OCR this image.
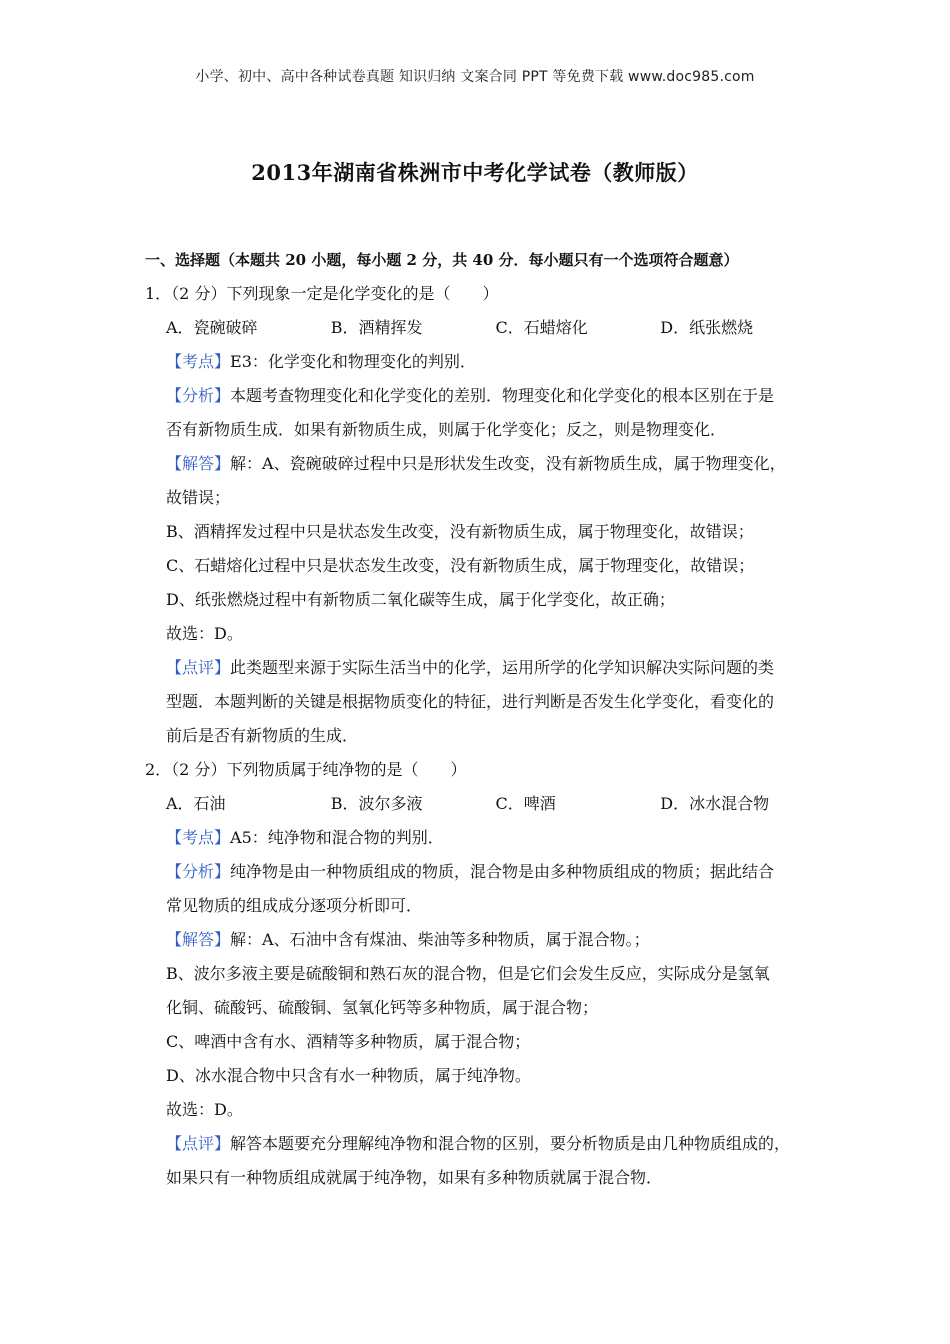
小学、初中、高中各种试卷真题 知识归纳 文案合同 PPT 等免费下载 www.doc985.com
2013年湖南省株洲市中考化学试卷（教师版）
一、选择题（本题共 20 小题，每小题 2 分，共 40 分．每小题只有一个选项符合题意）
1．（2 分）下列现象一定是化学变化的是（　　）
A．瓷碗破碎	B．酒精挥发	C．石蜡熔化	D．纸张燃烧
【考点】E3：化学变化和物理变化的判别．
【分析】本题考查物理变化和化学变化的差别．物理变化和化学变化的根本区别在于是
否有新物质生成．如果有新物质生成，则属于化学变化；反之，则是物理变化．
【解答】解：A、瓷碗破碎过程中只是形状发生改变，没有新物质生成，属于物理变化，
故错误；
B、酒精挥发过程中只是状态发生改变，没有新物质生成，属于物理变化，故错误；
C、石蜡熔化过程中只是状态发生改变，没有新物质生成，属于物理变化，故错误；
D、纸张燃烧过程中有新物质二氧化碳等生成，属于化学变化，故正确；
故选：D。
【点评】此类题型来源于实际生活当中的化学，运用所学的化学知识解决实际问题的类
型题．本题判断的关键是根据物质变化的特征，进行判断是否发生化学变化，看变化的
前后是否有新物质的生成．
2．（2 分）下列物质属于纯净物的是（　　）
A．石油	B．波尔多液	C．啤酒	D．冰水混合物
【考点】A5：纯净物和混合物的判别．
【分析】纯净物是由一种物质组成的物质，混合物是由多种物质组成的物质；据此结合
常见物质的组成成分逐项分析即可．
【解答】解：A、石油中含有煤油、柴油等多种物质，属于混合物。；
B、波尔多液主要是硫酸铜和熟石灰的混合物，但是它们会发生反应，实际成分是氢氧
化铜、硫酸钙、硫酸铜、氢氧化钙等多种物质，属于混合物；
C、啤酒中含有水、酒精等多种物质，属于混合物；
D、冰水混合物中只含有水一种物质，属于纯净物。
故选：D。
【点评】解答本题要充分理解纯净物和混合物的区别，要分析物质是由几种物质组成的，
如果只有一种物质组成就属于纯净物，如果有多种物质就属于混合物．
